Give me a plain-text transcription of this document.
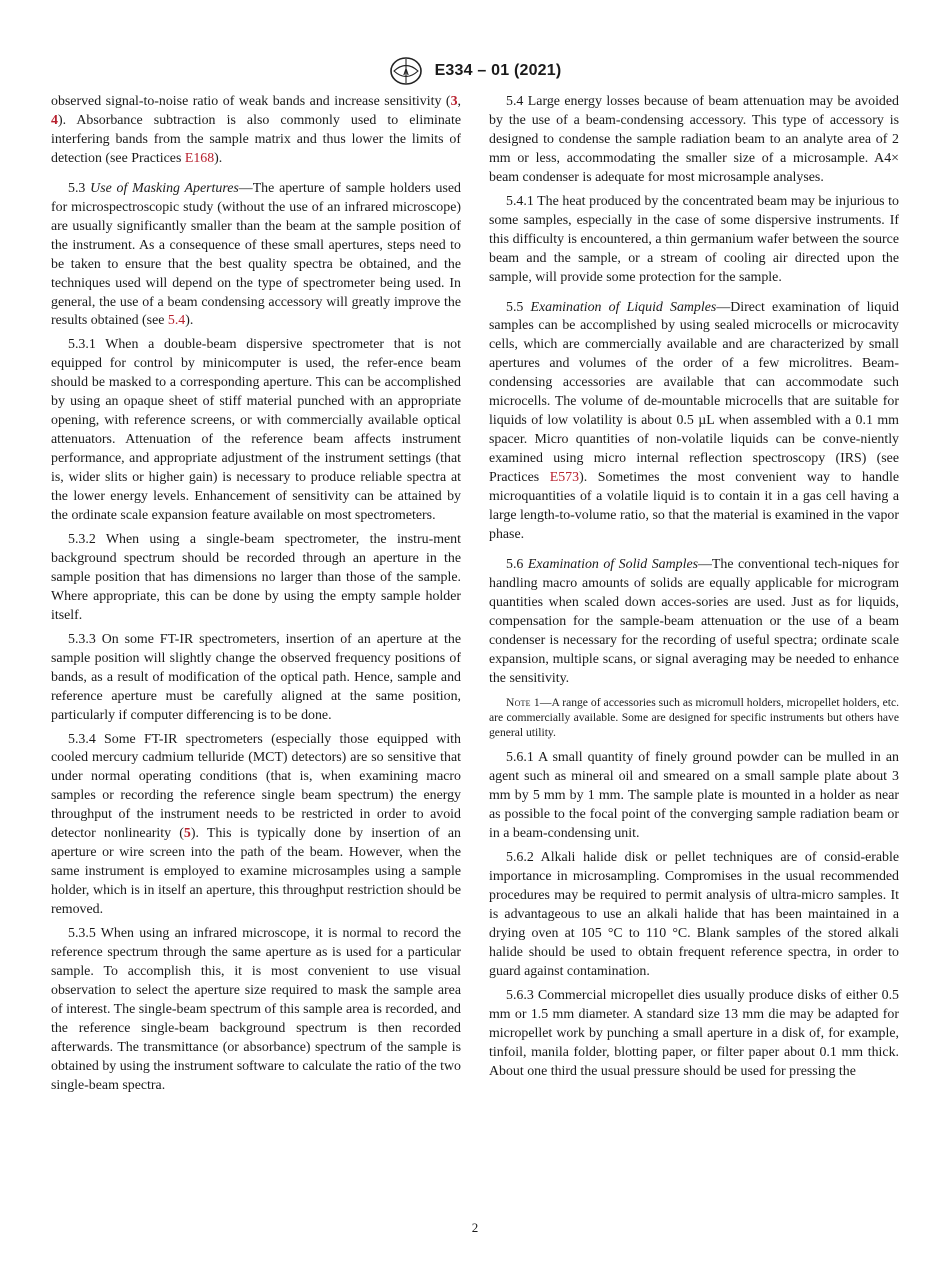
A E334 – 01 (2021)

observed signal-to-noise ratio of weak bands and increase sensitivity (3, 4). Absorbance subtraction is also commonly used to eliminate interfering bands from the sample matrix and thus lower the limits of detection (see Practices E168).

5.3 Use of Masking Apertures—The aperture of sample holders used for microspectroscopic study (without the use of an infrared microscope) are usually significantly smaller than the beam at the sample position of the instrument. As a consequence of these small apertures, steps need to be taken to ensure that the best quality spectra be obtained, and the techniques used will depend on the type of spectrometer being used. In general, the use of a beam condensing accessory will greatly improve the results obtained (see 5.4).

5.3.1 When a double-beam dispersive spectrometer that is not equipped for control by minicomputer is used, the refer-ence beam should be masked to a corresponding aperture. This can be accomplished by using an opaque sheet of stiff material punched with an appropriate opening, with reference screens, or with commercially available optical attenuators. Attenuation of the reference beam affects instrument performance, and appropriate adjustment of the instrument settings (that is, wider slits or higher gain) is necessary to produce reliable spectra at the lower energy levels. Enhancement of sensitivity can be attained by the ordinate scale expansion feature available on most spectrometers.

5.3.2 When using a single-beam spectrometer, the instru-ment background spectrum should be recorded through an aperture in the sample position that has dimensions no larger than those of the sample. Where appropriate, this can be done by using the empty sample holder itself.

5.3.3 On some FT-IR spectrometers, insertion of an aperture at the sample position will slightly change the observed frequency positions of bands, as a result of modification of the optical path. Hence, sample and reference aperture must be carefully aligned at the same position, particularly if computer differencing is to be done.

5.3.4 Some FT-IR spectrometers (especially those equipped with cooled mercury cadmium telluride (MCT) detectors) are so sensitive that under normal operating conditions (that is, when examining macro samples or recording the reference single beam spectrum) the energy throughput of the instrument needs to be restricted in order to avoid detector nonlinearity (5). This is typically done by insertion of an aperture or wire screen into the path of the beam. However, when the same instrument is employed to examine microsamples using a sample holder, which is in itself an aperture, this throughput restriction should be removed.

5.3.5 When using an infrared microscope, it is normal to record the reference spectrum through the same aperture as is used for a particular sample. To accomplish this, it is most convenient to use visual observation to select the aperture size required to mask the sample area of interest. The single-beam spectrum of this sample area is recorded, and the reference single-beam background spectrum is then recorded afterwards. The transmittance (or absorbance) spectrum of the sample is obtained by using the instrument software to calculate the ratio of the two single-beam spectra.

5.4 Large energy losses because of beam attenuation may be avoided by the use of a beam-condensing accessory. This type of accessory is designed to condense the sample radiation beam to an analyte area of 2 mm or less, accommodating the smaller size of a microsample. A4× beam condenser is adequate for most microsample analyses.

5.4.1 The heat produced by the concentrated beam may be injurious to some samples, especially in the case of some dispersive instruments. If this difficulty is encountered, a thin germanium wafer between the source beam and the sample, or a stream of cooling air directed upon the sample, will provide some protection for the sample.

5.5 Examination of Liquid Samples—Direct examination of liquid samples can be accomplished by using sealed microcells or microcavity cells, which are commercially available and are characterized by small apertures and volumes of the order of a few microlitres. Beam-condensing accessories are available that can accommodate such microcells. The volume of de-mountable microcells that are suitable for liquids of low volatility is about 0.5 µL when assembled with a 0.1 mm spacer. Micro quantities of non-volatile liquids can be conve-niently examined using micro internal reflection spectroscopy (IRS) (see Practices E573). Sometimes the most convenient way to handle microquantities of a volatile liquid is to contain it in a gas cell having a large length-to-volume ratio, so that the material is examined in the vapor phase.

5.6 Examination of Solid Samples—The conventional tech-niques for handling macro amounts of solids are equally applicable for microgram quantities when scaled down acces-sories are used. Just as for liquids, compensation for the sample-beam attenuation or the use of a beam condenser is necessary for the recording of useful spectra; ordinate scale expansion, multiple scans, or signal averaging may be needed to enhance the sensitivity.

Note 1—A range of accessories such as micromull holders, micropellet holders, etc. are commercially available. Some are designed for specific instruments but others have general utility.

5.6.1 A small quantity of finely ground powder can be mulled in an agent such as mineral oil and smeared on a small sample plate about 3 mm by 5 mm by 1 mm. The sample plate is mounted in a holder as near as possible to the focal point of the converging sample radiation beam or in a beam-condensing unit.

5.6.2 Alkali halide disk or pellet techniques are of consid-erable importance in microsampling. Compromises in the usual recommended procedures may be required to permit analysis of ultra-micro samples. It is advantageous to use an alkali halide that has been maintained in a drying oven at 105 °C to 110 °C. Blank samples of the stored alkali halide should be used to obtain frequent reference spectra, in order to guard against contamination.

5.6.3 Commercial micropellet dies usually produce disks of either 0.5 mm or 1.5 mm diameter. A standard size 13 mm die may be adapted for micropellet work by punching a small aperture in a disk of, for example, tinfoil, manila folder, blotting paper, or filter paper about 0.1 mm thick. About one third the usual pressure should be used for pressing the

2
